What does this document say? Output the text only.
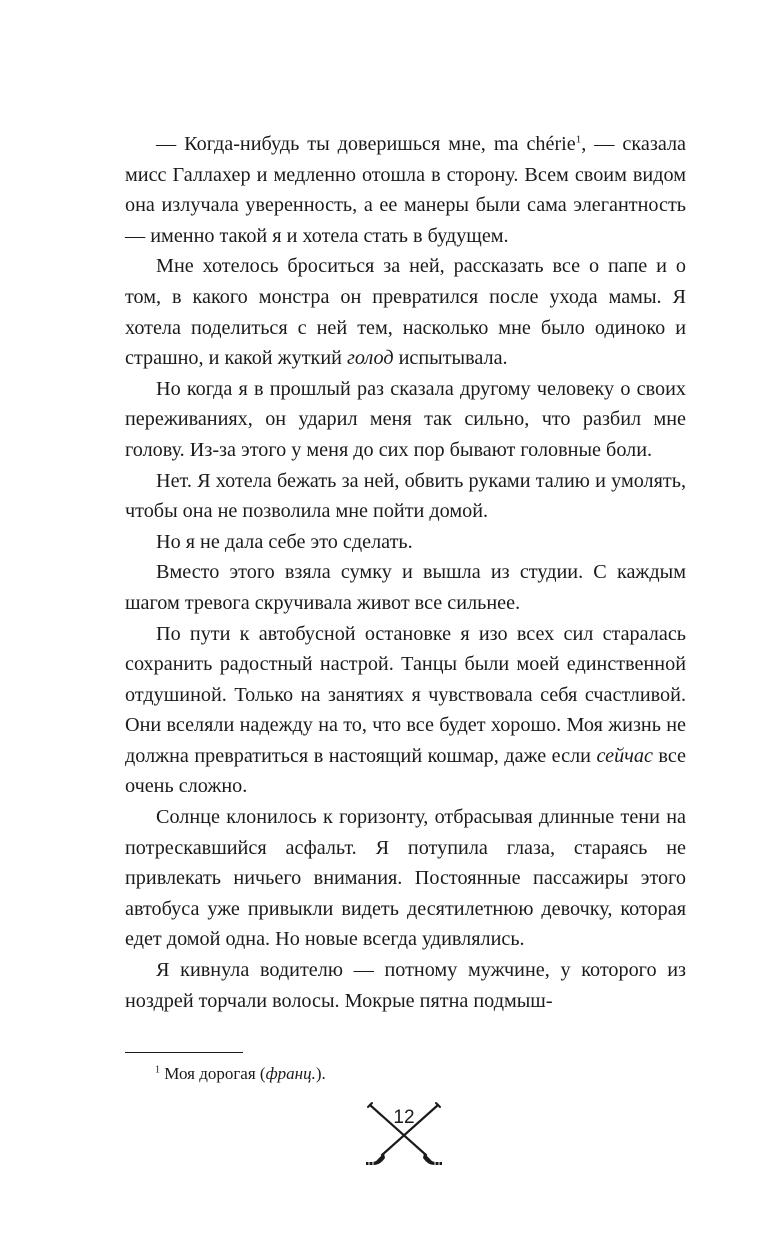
— Когда-нибудь ты доверишься мне, ma chérie$^1$, — сказала мисс Галлахер и медленно отошла в сторону. Всем своим видом она излучала уверенность, а ее манеры были сама элегантность — именно такой я и хотела стать в будущем.

Мне хотелось броситься за ней, рассказать все о папе и о том, в какого монстра он превратился после ухода мамы. Я хотела поделиться с ней тем, насколько мне было одиноко и страшно, и какой жуткий голод испытывала.

Но когда я в прошлый раз сказала другому человеку о своих переживаниях, он ударил меня так сильно, что разбил мне голову. Из-за этого у меня до сих пор бывают головные боли.

Нет. Я хотела бежать за ней, обвить руками талию и умолять, чтобы она не позволила мне пойти домой.

Но я не дала себе это сделать.

Вместо этого взяла сумку и вышла из студии. С каждым шагом тревога скручивала живот все сильнее.

По пути к автобусной остановке я изо всех сил старалась сохранить радостный настрой. Танцы были моей единственной отдушиной. Только на занятиях я чувствовала себя счастливой. Они вселяли надежду на то, что все будет хорошо. Моя жизнь не должна превратиться в настоящий кошмар, даже если сейчас все очень сложно.

Солнце клонилось к горизонту, отбрасывая длинные тени на потрескавшийся асфальт. Я потупила глаза, стараясь не привлекать ничьего внимания. Постоянные пассажиры этого автобуса уже привыкли видеть десятилетнюю девочку, которая едет домой одна. Но новые всегда удивлялись.

Я кивнула водителю — потному мужчине, у которого из ноздрей торчали волосы. Мокрые пятна подмыш-

$^1$ Моя дорогая (франц.).
12
